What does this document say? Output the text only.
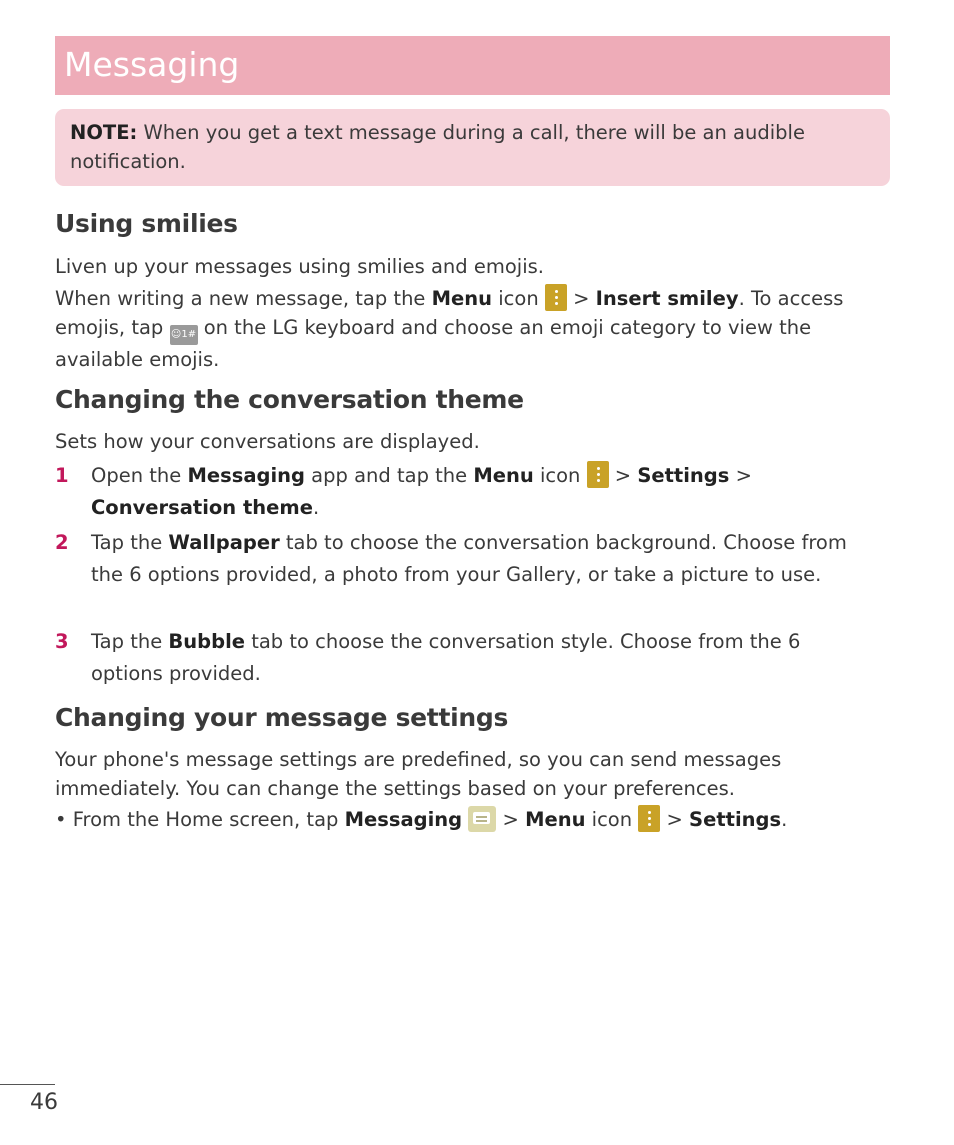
Messaging

NOTE: When you get a text message during a call, there will be an audible notification.

Using smilies

Liven up your messages using smilies and emojis.

When writing a new message, tap the Menu icon  > Insert smiley. To access emojis, tap ☺1# on the LG keyboard and choose an emoji category to view the available emojis.

Changing the conversation theme

Sets how your conversations are displayed.

1 Open the Messaging app and tap the Menu icon  > Settings >
Conversation theme.
2 Tap the Wallpaper tab to choose the conversation background. Choose from the 6 options provided, a photo from your Gallery, or take a picture to use.
3 Tap the Bubble tab to choose the conversation style. Choose from the 6 options provided.
Changing your message settings

Your phone's message settings are predefined, so you can send messages immediately. You can change the settings based on your preferences.

• From the Home screen, tap Messaging  > Menu icon  > Settings.
46
